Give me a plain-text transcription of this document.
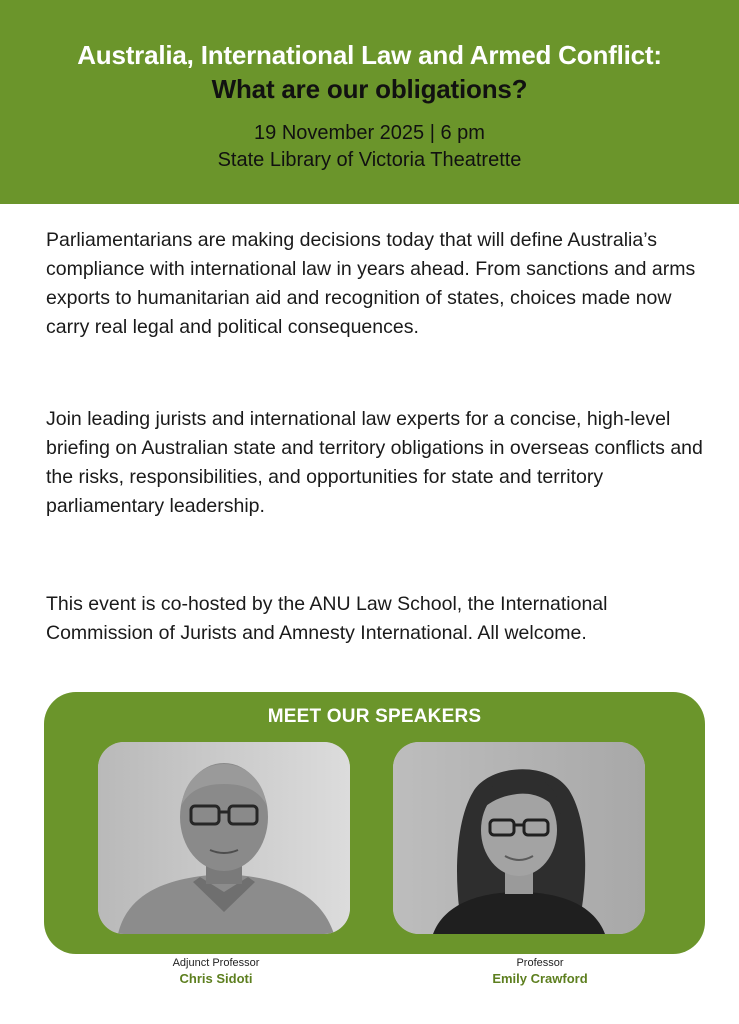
Australia, International Law and Armed Conflict:
What are our obligations?
19 November 2025 | 6 pm
State Library of Victoria Theatrette
Parliamentarians are making decisions today that will define Australia’s compliance with international law in years ahead. From sanctions and arms exports to humanitarian aid and recognition of states, choices made now carry real legal and political consequences.
Join leading jurists and international law experts for a concise, high-level briefing on Australian state and territory obligations in overseas conflicts and the risks, responsibilities, and opportunities for state and territory parliamentary leadership.
This event is co-hosted by the ANU Law School, the International Commission of Jurists and Amnesty International. All welcome.
MEET OUR SPEAKERS
Adjunct Professor
Chris Sidoti
Professor
Emily Crawford
